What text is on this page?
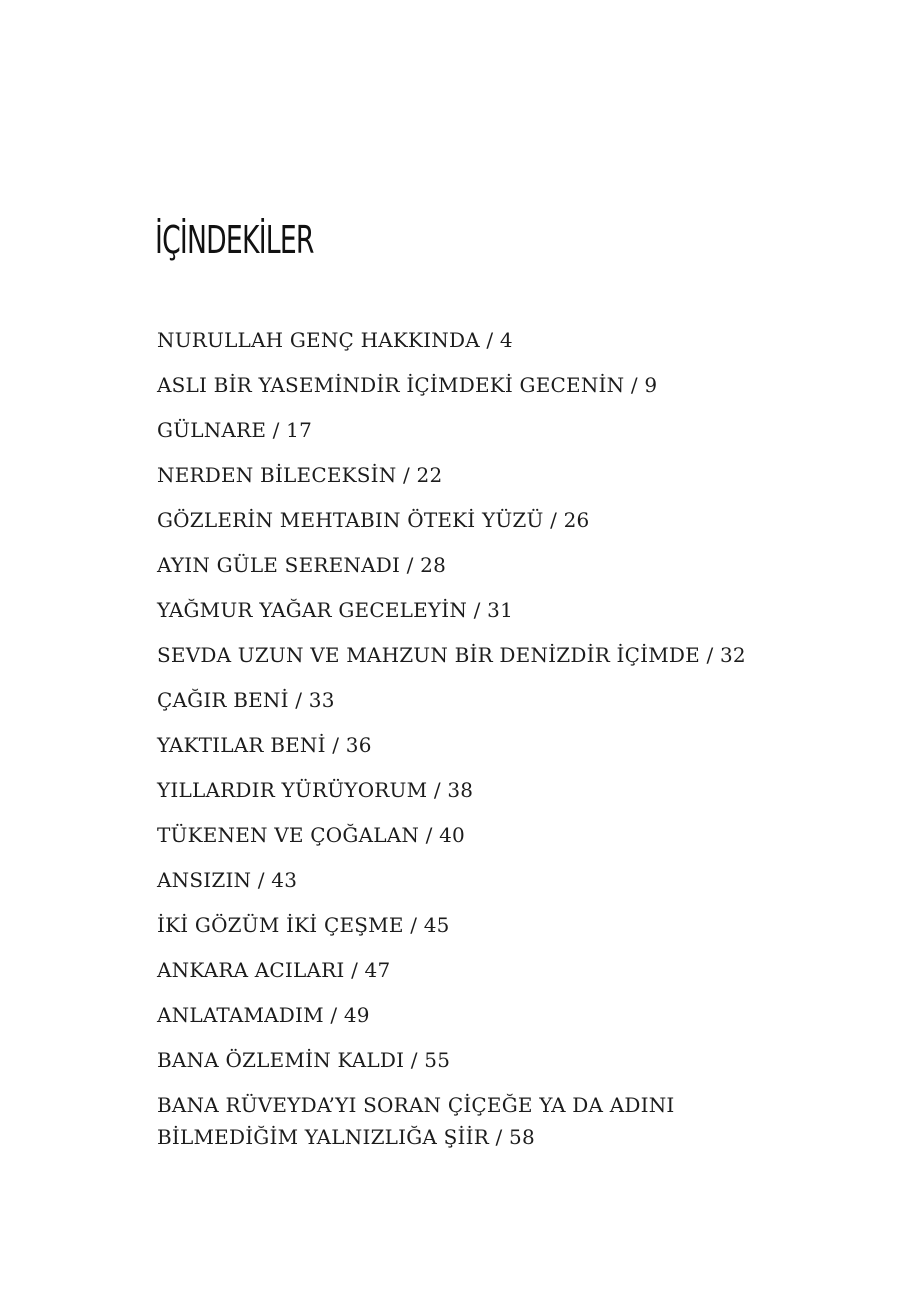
İÇİNDEKİLER
NURULLAH GENÇ HAKKINDA / 4
ASLI BİR YASEMİNDİR İÇİMDEKİ GECENİN / 9
GÜLNARE / 17
NERDEN BİLECEKSİN / 22
GÖZLERİN MEHTABIN ÖTEKİ YÜZÜ / 26
AYIN GÜLE SERENADI / 28
YAĞMUR YAĞAR GECELEYİN / 31
SEVDA UZUN VE MAHZUN BİR DENİZDİR İÇİMDE / 32
ÇAĞIR BENİ / 33
YAKTILAR BENİ / 36
YILLARDIR YÜRÜYORUM / 38
TÜKENEN VE ÇOĞALAN / 40
ANSIZIN / 43
İKİ GÖZÜM İKİ ÇEŞME / 45
ANKARA ACILARI / 47
ANLATAMADIM / 49
BANA ÖZLEMİN KALDI / 55
BANA RÜVEYDA’YI SORAN ÇİÇEĞE YA DA ADINI
BİLMEDİĞİM YALNIZLIĞA ŞİİR / 58
